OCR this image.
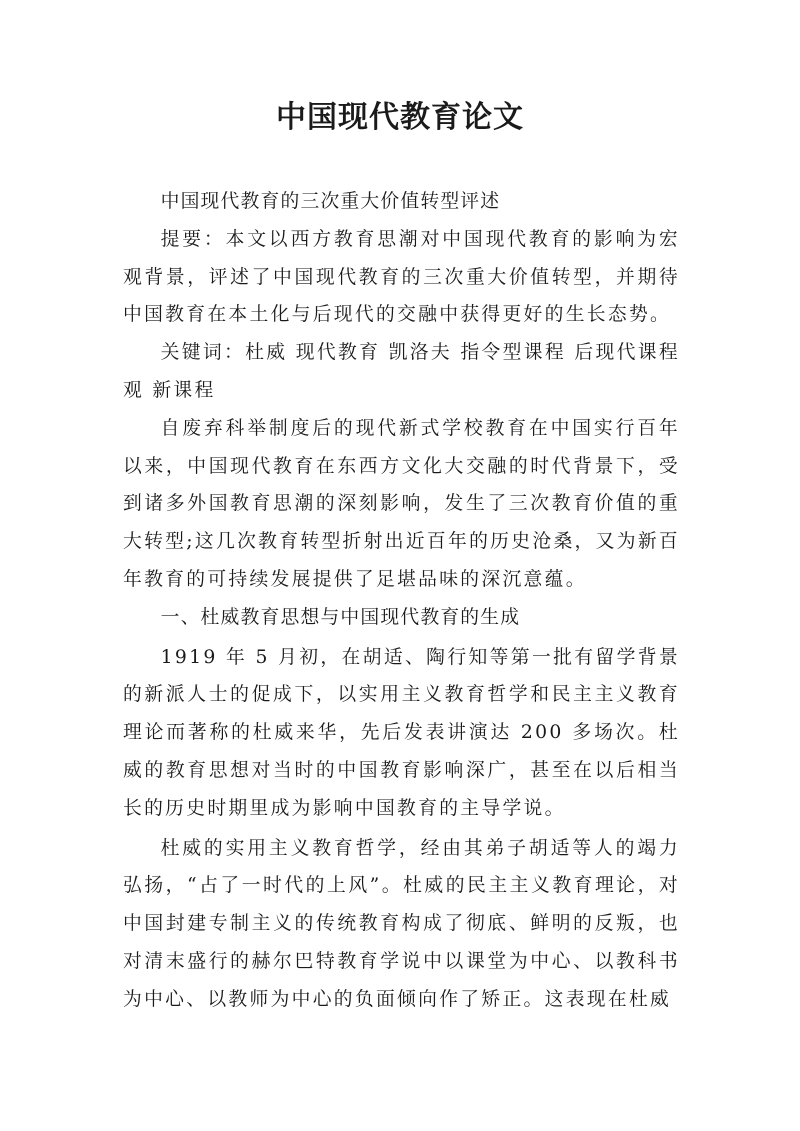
中国现代教育论文

中国现代教育的三次重大价值转型评述

提要：本文以西方教育思潮对中国现代教育的影响为宏观背景，评述了中国现代教育的三次重大价值转型，并期待中国教育在本土化与后现代的交融中获得更好的生长态势。

关键词：杜威 现代教育 凯洛夫 指令型课程 后现代课程观 新课程

自废弃科举制度后的现代新式学校教育在中国实行百年以来，中国现代教育在东西方文化大交融的时代背景下，受到诸多外国教育思潮的深刻影响，发生了三次教育价值的重大转型;这几次教育转型折射出近百年的历史沧桑，又为新百年教育的可持续发展提供了足堪品味的深沉意蕴。

一、杜威教育思想与中国现代教育的生成

1919 年 5 月初，在胡适、陶行知等第一批有留学背景的新派人士的促成下，以实用主义教育哲学和民主主义教育理论而著称的杜威来华，先后发表讲演达 200 多场次。杜威的教育思想对当时的中国教育影响深广，甚至在以后相当长的历史时期里成为影响中国教育的主导学说。

杜威的实用主义教育哲学，经由其弟子胡适等人的竭力弘扬，“占了一时代的上风”。杜威的民主主义教育理论，对中国封建专制主义的传统教育构成了彻底、鲜明的反叛，也对清末盛行的赫尔巴特教育学说中以课堂为中心、以教科书为中心、以教师为中心的负面倾向作了矫正。这表现在杜威
